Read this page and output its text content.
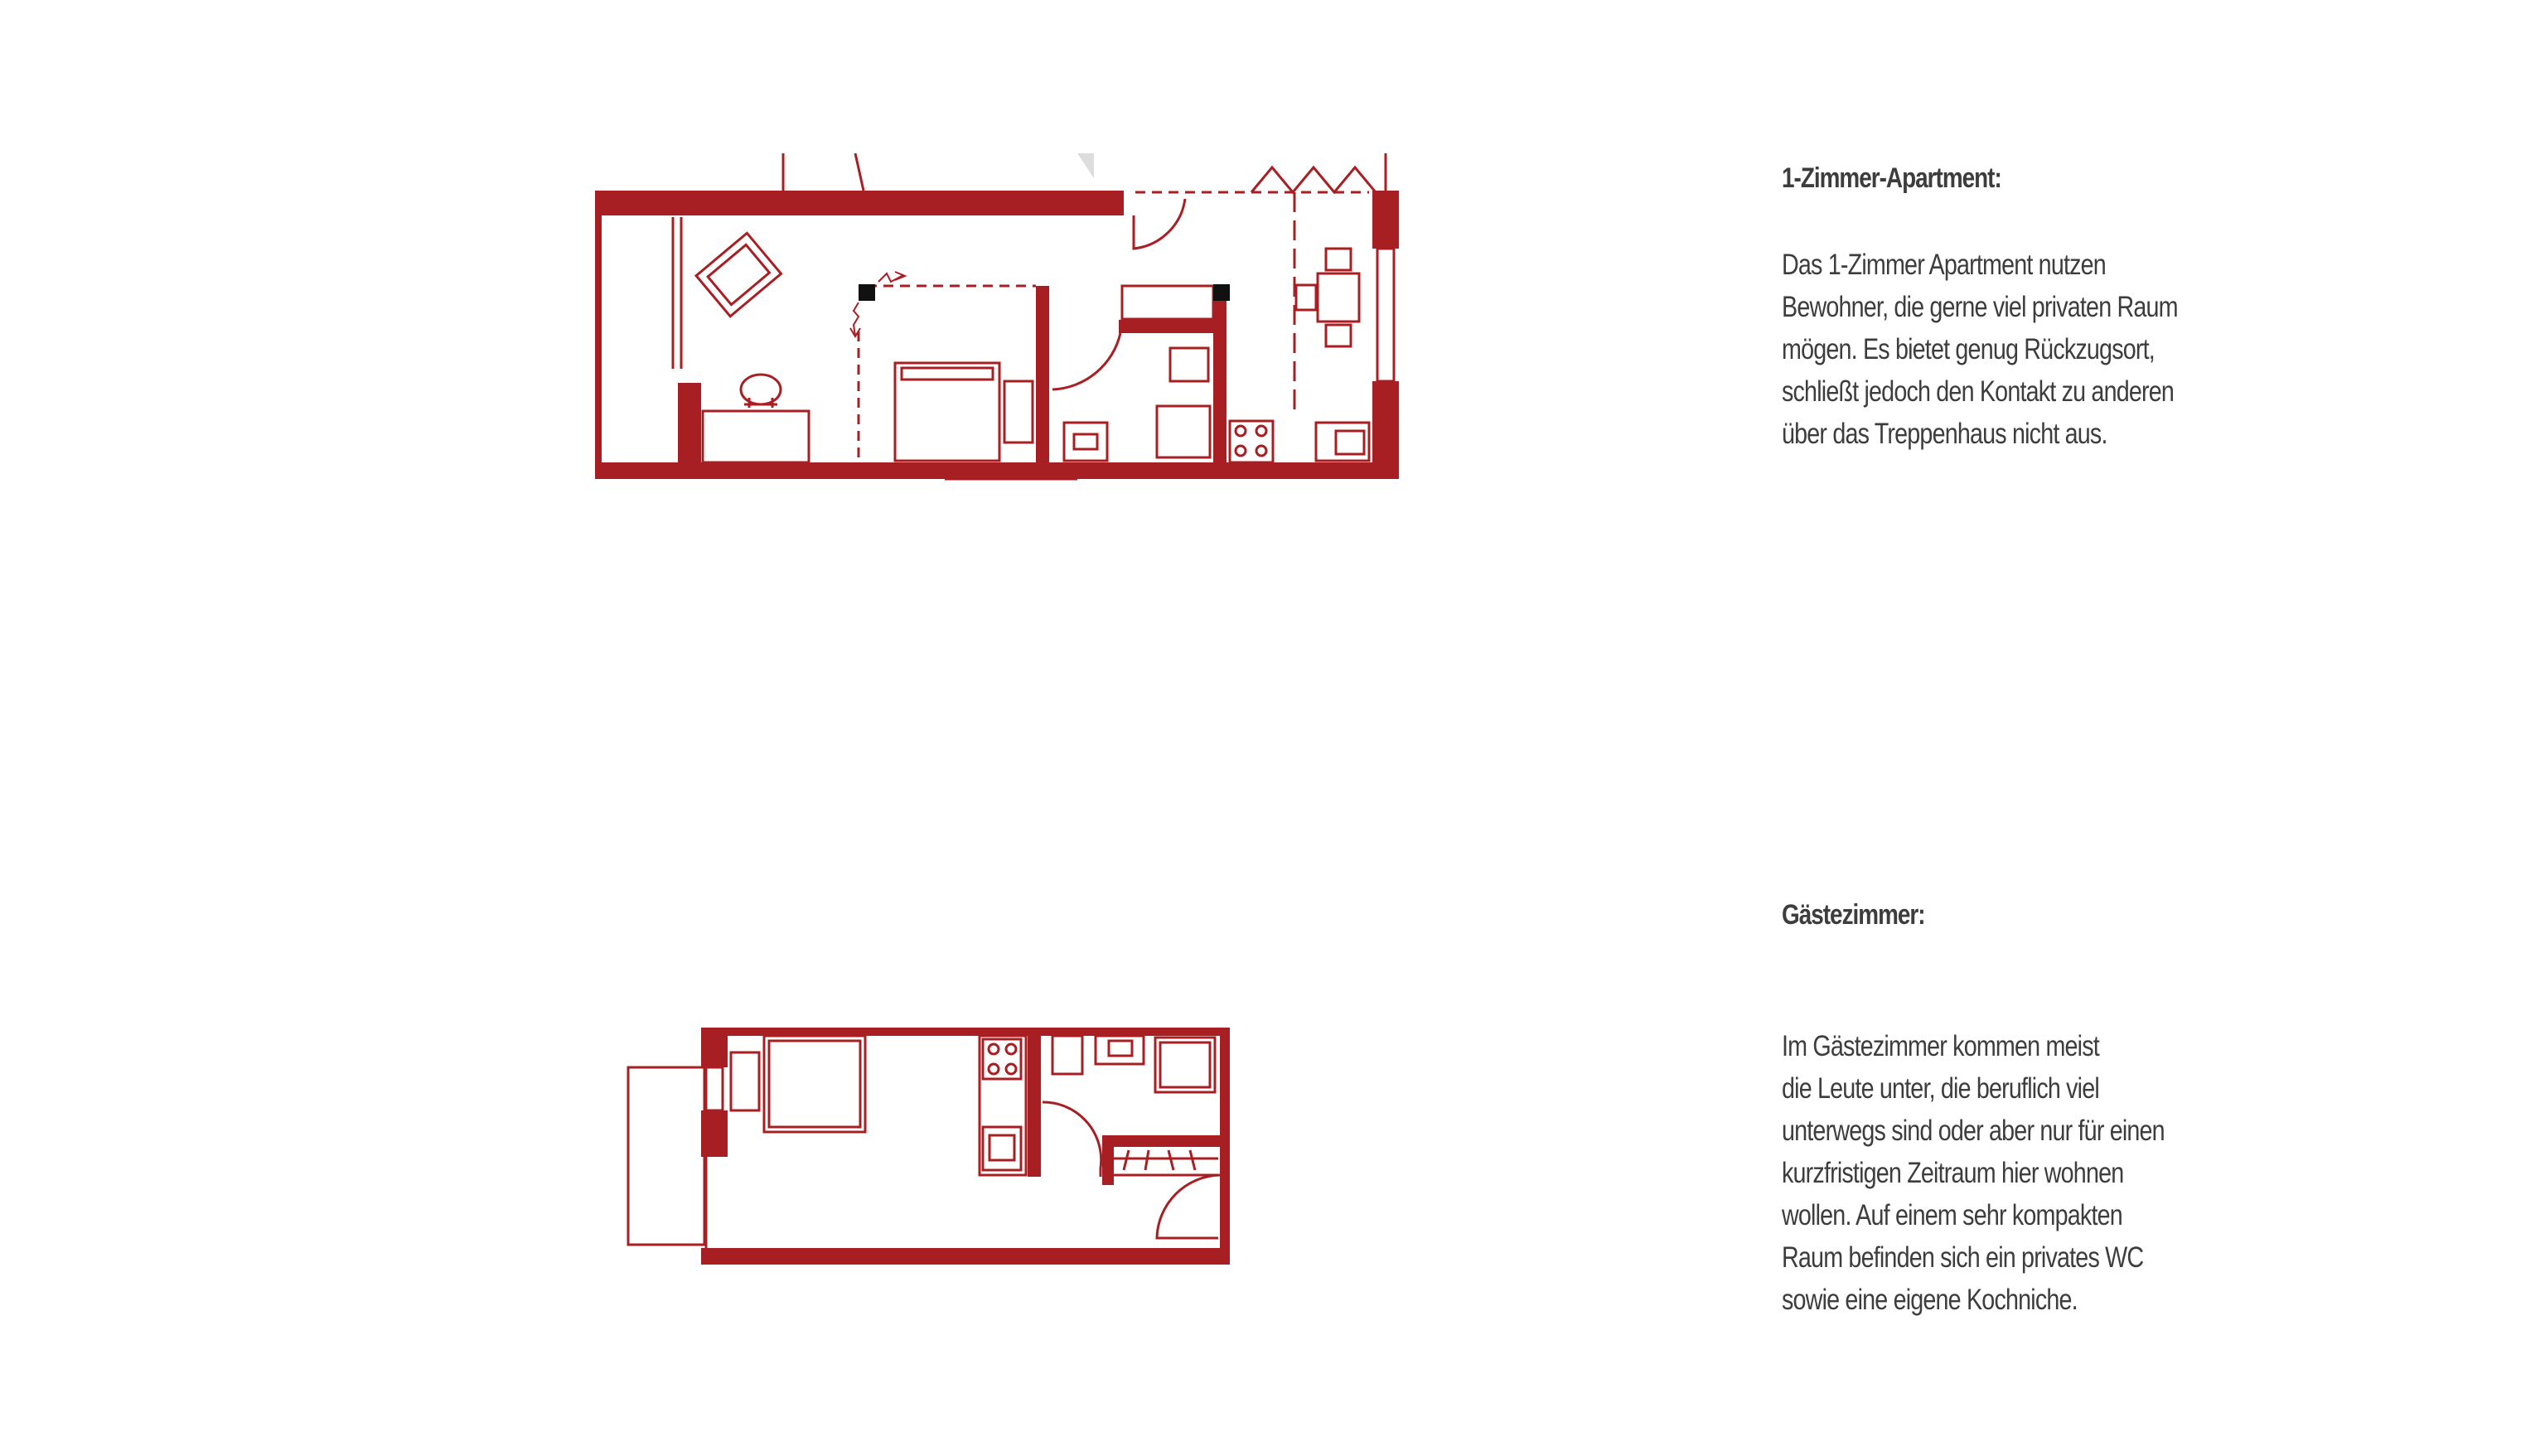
1-Zimmer-Apartment:

Das 1-Zimmer Apartment nutzen

Bewohner, die gerne viel privaten Raum

mögen. Es bietet genug Rückzugsort,

schließt jedoch den Kontakt zu anderen

über das Treppenhaus nicht aus.

Gästezimmer:

Im Gästezimmer kommen meist

die Leute unter, die beruflich viel

unterwegs sind oder aber nur für einen

kurzfristigen Zeitraum hier wohnen

wollen. Auf einem sehr kompakten

Raum befinden sich ein privates WC

sowie eine eigene Kochniche.
